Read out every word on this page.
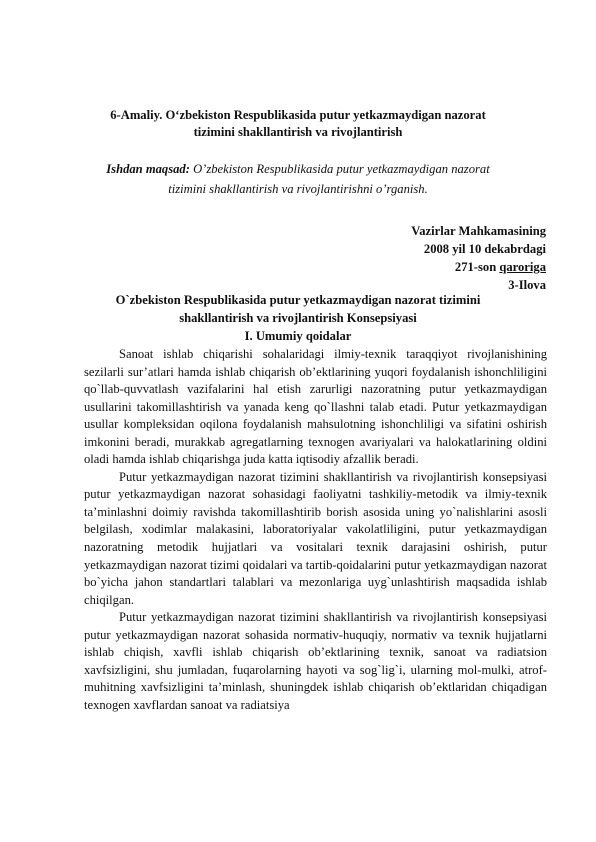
6-Amaliy. O‘zbekiston Respublikasida putur yetkazmaydigan nazorat
tizimini shakllantirish va rivojlantirish
Ishdan maqsad: O’zbekiston Respublikasida putur yetkazmaydigan nazorat
tizimini shakllantirish va rivojlantirishni o’rganish.
Vazirlar Mahkamasining
2008 yil 10 dekabrdagi
271-son qaroriga
3-Ilova
O`zbekiston Respublikasida putur yetkazmaydigan nazorat tizimini
shakllantirish va rivojlantirish Konsepsiyasi
I. Umumiy qoidalar

Sanoat ishlab chiqarishi sohalaridagi ilmiy-texnik taraqqiyot rivojlanishining sezilarli sur’atlari hamda ishlab chiqarish ob’ektlarining yuqori foydalanish ishonchliligini qo`llab-quvvatlash vazifalarini hal etish zarurligi nazoratning putur yetkazmaydigan usullarini takomillashtirish va yanada keng qo`llashni talab etadi. Putur yetkazmaydigan usullar kompleksidan oqilona foydalanish mahsulotning ishonchliligi va sifatini oshirish imkonini beradi, murakkab agregatlarning texnogen avariyalari va halokatlarining oldini oladi hamda ishlab chiqarishga juda katta iqtisodiy afzallik beradi.

Putur yetkazmaydigan nazorat tizimini shakllantirish va rivojlantirish konsepsiyasi putur yetkazmaydigan nazorat sohasidagi faoliyatni tashkiliy-metodik va ilmiy-texnik ta’minlashni doimiy ravishda takomillashtirib borish asosida uning yo`nalishlarini asosli belgilash, xodimlar malakasini, laboratoriyalar vakolatliligini, putur yetkazmaydigan nazoratning metodik hujjatlari va vositalari texnik darajasini oshirish, putur yetkazmaydigan nazorat tizimi qoidalari va tartib-qoidalarini putur yetkazmaydigan nazorat bo`yicha jahon standartlari talablari va mezonlariga uyg`unlashtirish maqsadida ishlab chiqilgan.

Putur yetkazmaydigan nazorat tizimini shakllantirish va rivojlantirish konsepsiyasi putur yetkazmaydigan nazorat sohasida normativ-huquqiy, normativ va texnik hujjatlarni ishlab chiqish, xavfli ishlab chiqarish ob’ektlarining texnik, sanoat va radiatsion xavfsizligini, shu jumladan, fuqarolarning hayoti va sog`lig`i, ularning mol-mulki, atrof-muhitning xavfsizligini ta’minlash, shuningdek ishlab chiqarish ob’ektlaridan chiqadigan texnogen xavflardan sanoat va radiatsiya
